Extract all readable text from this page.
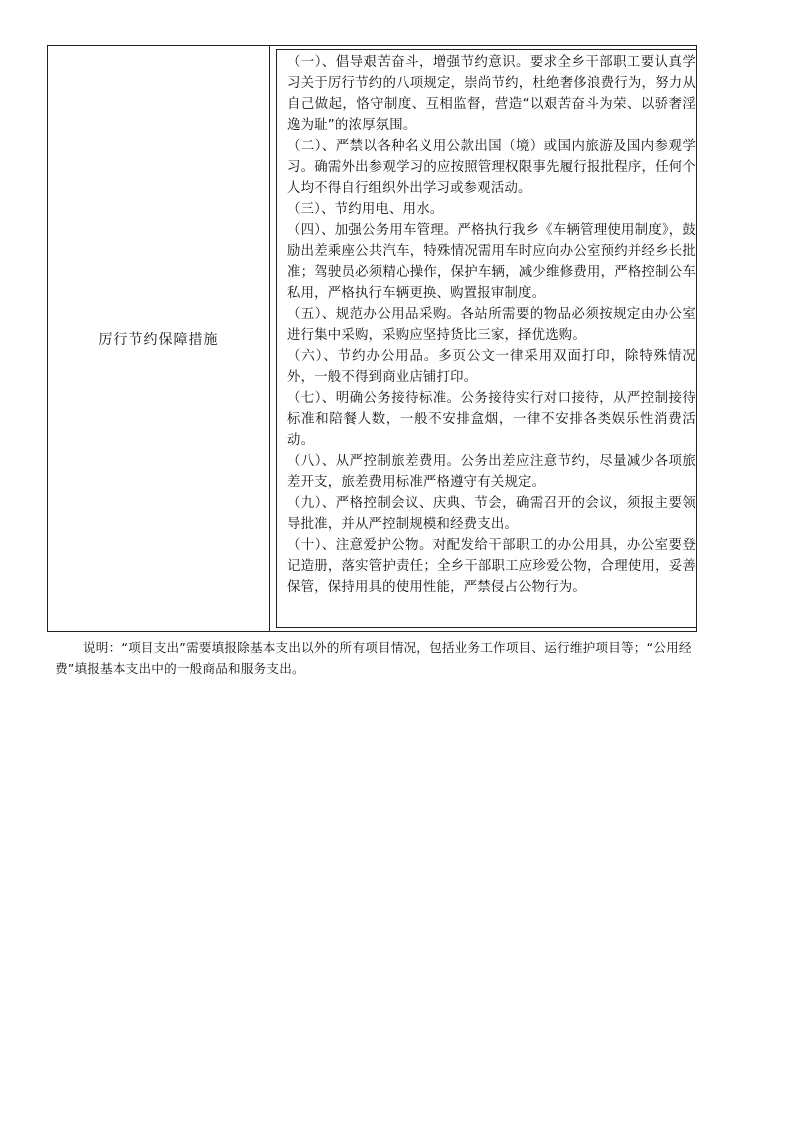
厉行节约保障措施

（一）、倡导艰苦奋斗，增强节约意识。要求全乡干部职工要认真学习关于厉行节约的八项规定，崇尚节约，杜绝奢侈浪费行为，努力从自己做起，恪守制度、互相监督，营造“以艰苦奋斗为荣、以骄奢淫逸为耻”的浓厚氛围。

（二）、严禁以各种名义用公款出国（境）或国内旅游及国内参观学习。确需外出参观学习的应按照管理权限事先履行报批程序，任何个人均不得自行组织外出学习或参观活动。

（三）、节约用电、用水。

（四）、加强公务用车管理。严格执行我乡《车辆管理使用制度》，鼓励出差乘座公共汽车，特殊情况需用车时应向办公室预约并经乡长批准；驾驶员必须精心操作，保护车辆，减少维修费用，严格控制公车私用，严格执行车辆更换、购置报审制度。

（五）、规范办公用品采购。各站所需要的物品必须按规定由办公室进行集中采购，采购应坚持货比三家，择优选购。

（六）、节约办公用品。多页公文一律采用双面打印，除特殊情况外，一般不得到商业店铺打印。

（七）、明确公务接待标准。公务接待实行对口接待，从严控制接待标准和陪餐人数，一般不安排盒烟，一律不安排各类娱乐性消费活动。

（八）、从严控制旅差费用。公务出差应注意节约，尽量减少各项旅差开支，旅差费用标准严格遵守有关规定。

（九）、严格控制会议、庆典、节会，确需召开的会议，须报主要领导批准，并从严控制规模和经费支出。

（十）、注意爱护公物。对配发给干部职工的办公用具，办公室要登记造册，落实管护责任；全乡干部职工应珍爱公物，合理使用，妥善保管，保持用具的使用性能，严禁侵占公物行为。

说明：“项目支出”需要填报除基本支出以外的所有项目情况，包括业务工作项目、运行维护项目等；“公用经费”填报基本支出中的一般商品和服务支出。
